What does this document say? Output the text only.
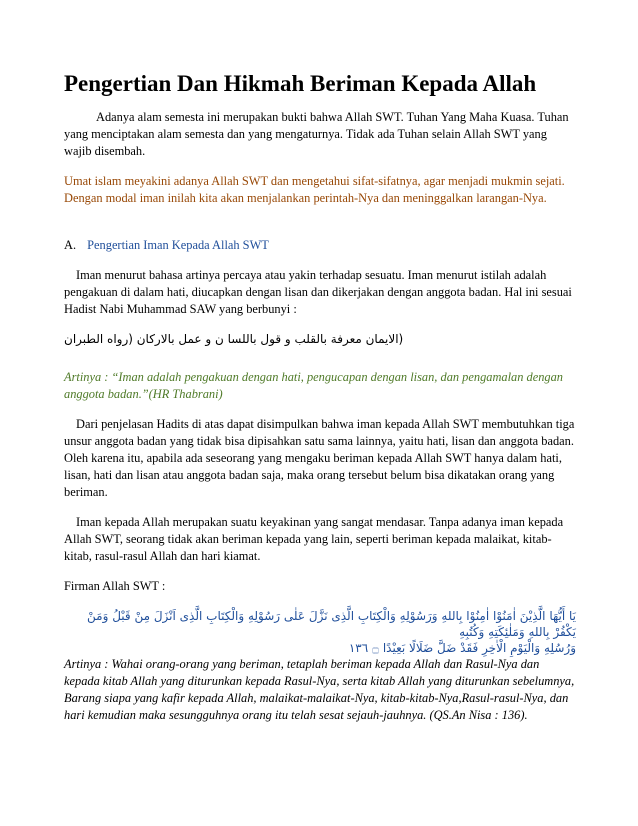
Pengertian Dan Hikmah Beriman Kepada Allah

Adanya alam semesta ini merupakan bukti bahwa Allah SWT. Tuhan Yang Maha Kuasa. Tuhan yang menciptakan alam semesta dan yang mengaturnya. Tidak ada Tuhan selain Allah SWT yang wajib disembah.

Umat islam meyakini adanya Allah SWT dan mengetahui sifat-sifatnya, agar menjadi mukmin sejati. Dengan modal iman inilah kita akan menjalankan perintah-Nya dan meninggalkan larangan-Nya.

A. Pengertian Iman Kepada Allah SWT

Iman menurut bahasa artinya percaya atau yakin terhadap sesuatu. Iman menurut istilah adalah pengakuan di dalam hati, diucapkan dengan lisan dan dikerjakan dengan anggota badan. Hal ini sesuai Hadist Nabi Muhammad SAW yang berbunyi :

(الايمان معرفة بالقلب و قول باللسا ن و عمل بالاركان (رواه الطبران

Artinya : “Iman adalah pengakuan dengan hati, pengucapan dengan lisan, dan pengamalan dengan anggota badan.”(HR Thabrani)

Dari penjelasan Hadits di atas dapat disimpulkan bahwa iman kepada Allah SWT membutuhkan tiga unsur anggota badan yang tidak bisa dipisahkan satu sama lainnya, yaitu hati, lisan dan anggota badan. Oleh karena itu, apabila ada seseorang yang mengaku beriman kepada Allah SWT hanya dalam hati, lisan, hati dan lisan atau anggota badan saja, maka orang tersebut belum bisa dikatakan orang yang beriman.

Iman kepada Allah merupakan suatu keyakinan yang sangat mendasar. Tanpa adanya iman kepada Allah SWT, seorang tidak akan beriman kepada yang lain, seperti beriman kepada malaikat, kitab-kitab, rasul-rasul Allah dan hari kiamat.

Firman Allah SWT :

يَا أَيُّهَا الَّذِيْنَ اٰمَنُوْا اٰمِنُوْا بِاللهِ وَرَسُوْلِهِ وَالْكِتَابِ الَّذِى نَزَّلَ عَلٰى رَسُوْلِهِ وَالْكِتَابِ الَّذِى اَنْزَلَ مِنْ قَبْلُ وَمَنْ يَكْفُرْ بِاللهِ وَمَلٰئِكَتِهِ وَكُتُبِهِ

وَرُسُلِهِ وَالْيَوْمِ الْاٰخِرِ فَقَدْ ضَلَّ ضَلَالًا بَعِيْدًا ۝ ١٣٦

Artinya : Wahai orang-orang yang beriman, tetaplah beriman kepada Allah dan Rasul-Nya dan kepada kitab Allah yang diturunkan kepada Rasul-Nya, serta kitab Allah yang diturunkan sebelumnya, Barang siapa yang kafir kepada Allah, malaikat-malaikat-Nya, kitab-kitab-Nya,Rasul-rasul-Nya, dan hari kemudian maka sesungguhnya orang itu telah sesat sejauh-jauhnya. (QS.An Nisa : 136).
